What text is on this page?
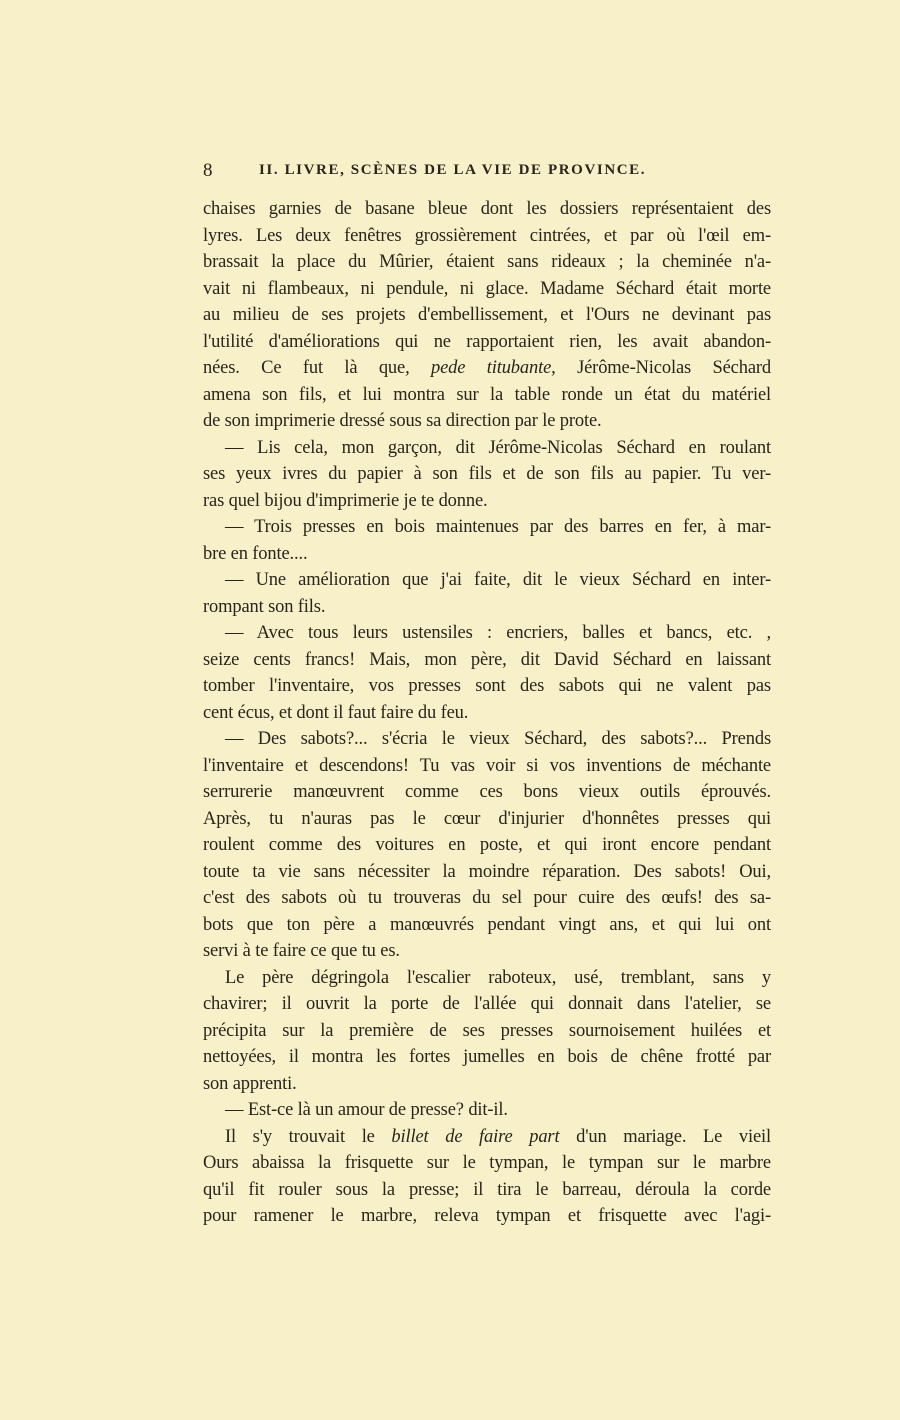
8	II. LIVRE, SCÈNES DE LA VIE DE PROVINCE.
chaises garnies de basane bleue dont les dossiers représentaient des
lyres. Les deux fenêtres grossièrement cintrées, et par où l'œil em-
brassait la place du Mûrier, étaient sans rideaux ; la cheminée n'a-
vait ni flambeaux, ni pendule, ni glace. Madame Séchard était morte
au milieu de ses projets d'embellissement, et l'Ours ne devinant pas
l'utilité d'améliorations qui ne rapportaient rien, les avait abandon-
nées. Ce fut là que, pede titubante, Jérôme-Nicolas Séchard
amena son fils, et lui montra sur la table ronde un état du matériel
de son imprimerie dressé sous sa direction par le prote.
— Lis cela, mon garçon, dit Jérôme-Nicolas Séchard en roulant
ses yeux ivres du papier à son fils et de son fils au papier. Tu ver-
ras quel bijou d'imprimerie je te donne.
— Trois presses en bois maintenues par des barres en fer, à mar-
bre en fonte....
— Une amélioration que j'ai faite, dit le vieux Séchard en inter-
rompant son fils.
— Avec tous leurs ustensiles : encriers, balles et bancs, etc. ,
seize cents francs! Mais, mon père, dit David Séchard en laissant
tomber l'inventaire, vos presses sont des sabots qui ne valent pas
cent écus, et dont il faut faire du feu.
— Des sabots?... s'écria le vieux Séchard, des sabots?... Prends
l'inventaire et descendons! Tu vas voir si vos inventions de méchante
serrurerie manœuvrent comme ces bons vieux outils éprouvés.
Après, tu n'auras pas le cœur d'injurier d'honnêtes presses qui
roulent comme des voitures en poste, et qui iront encore pendant
toute ta vie sans nécessiter la moindre réparation. Des sabots! Oui,
c'est des sabots où tu trouveras du sel pour cuire des œufs! des sa-
bots que ton père a manœuvrés pendant vingt ans, et qui lui ont
servi à te faire ce que tu es.
Le père dégringola l'escalier raboteux, usé, tremblant, sans y
chavirer; il ouvrit la porte de l'allée qui donnait dans l'atelier, se
précipita sur la première de ses presses sournoisement huilées et
nettoyées, il montra les fortes jumelles en bois de chêne frotté par
son apprenti.
— Est-ce là un amour de presse? dit-il.
Il s'y trouvait le billet de faire part d'un mariage. Le vieil
Ours abaissa la frisquette sur le tympan, le tympan sur le marbre
qu'il fit rouler sous la presse; il tira le barreau, déroula la corde
pour ramener le marbre, releva tympan et frisquette avec l'agi-
